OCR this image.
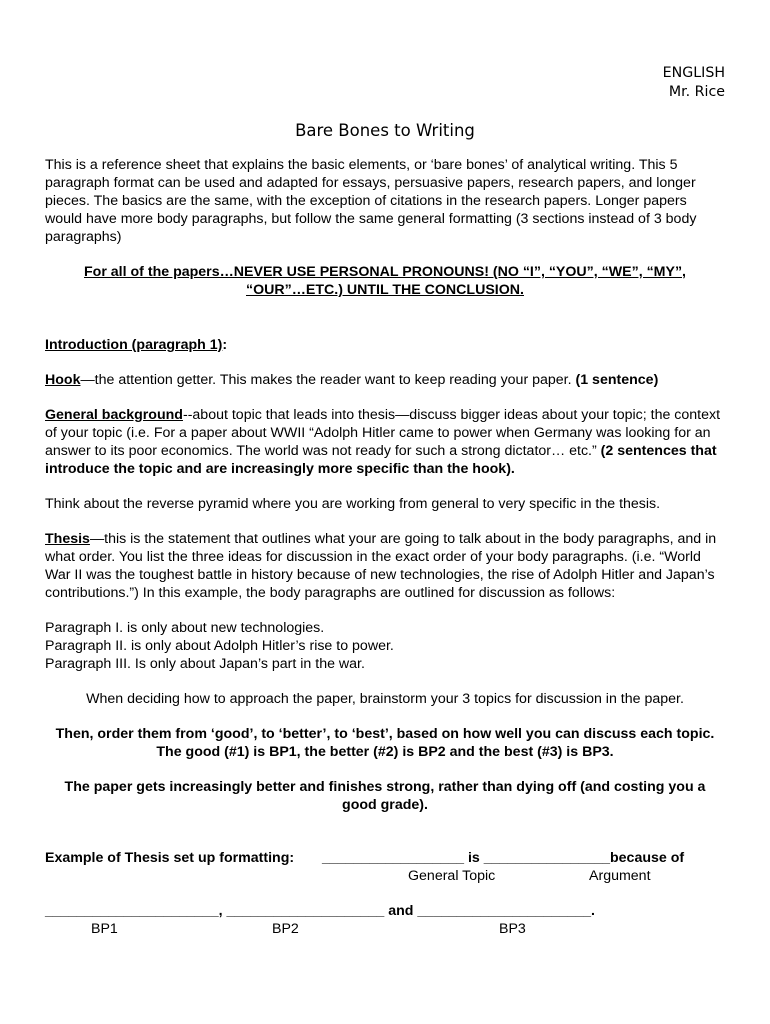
ENGLISH
Mr. Rice
Bare Bones to Writing
This is a reference sheet that explains the basic elements, or ‘bare bones’ of analytical writing. This 5 paragraph format can be used and adapted for essays, persuasive papers, research papers, and longer pieces. The basics are the same, with the exception of citations in the research papers. Longer papers would have more body paragraphs, but follow the same general formatting (3 sections instead of 3 body paragraphs)
For all of the papers…NEVER USE PERSONAL PRONOUNS! (NO “I”, “YOU”, “WE”, “MY”, “OUR”…ETC.) UNTIL THE CONCLUSION.
Introduction (paragraph 1):
Hook—the attention getter. This makes the reader want to keep reading your paper. (1 sentence)
General background--about topic that leads into thesis—discuss bigger ideas about your topic; the context of your topic (i.e. For a paper about WWII “Adolph Hitler came to power when Germany was looking for an answer to its poor economics. The world was not ready for such a strong dictator… etc.” (2 sentences that introduce the topic and are increasingly more specific than the hook).
Think about the reverse pyramid where you are working from general to very specific in the thesis.
Thesis—this is the statement that outlines what your are going to talk about in the body paragraphs, and in what order. You list the three ideas for discussion in the exact order of your body paragraphs. (i.e. “World War II was the toughest battle in history because of new technologies, the rise of Adolph Hitler and Japan’s contributions.”) In this example, the body paragraphs are outlined for discussion as follows:
Paragraph I. is only about new technologies.
Paragraph II. is only about Adolph Hitler’s rise to power.
Paragraph III. Is only about Japan’s part in the war.
When deciding how to approach the paper, brainstorm your 3 topics for discussion in the paper.
Then, order them from ‘good’, to ‘better’, to ‘best’, based on how well you can discuss each topic. The good (#1) is BP1, the better (#2) is BP2 and the best (#3) is BP3.
The paper gets increasingly better and finishes strong, rather than dying off (and costing you a good grade).
Example of Thesis set up formatting: __________________ is ________________because of
General Topic	Argument
______________________, ____________________ and ______________________.
BP1	BP2	BP3
